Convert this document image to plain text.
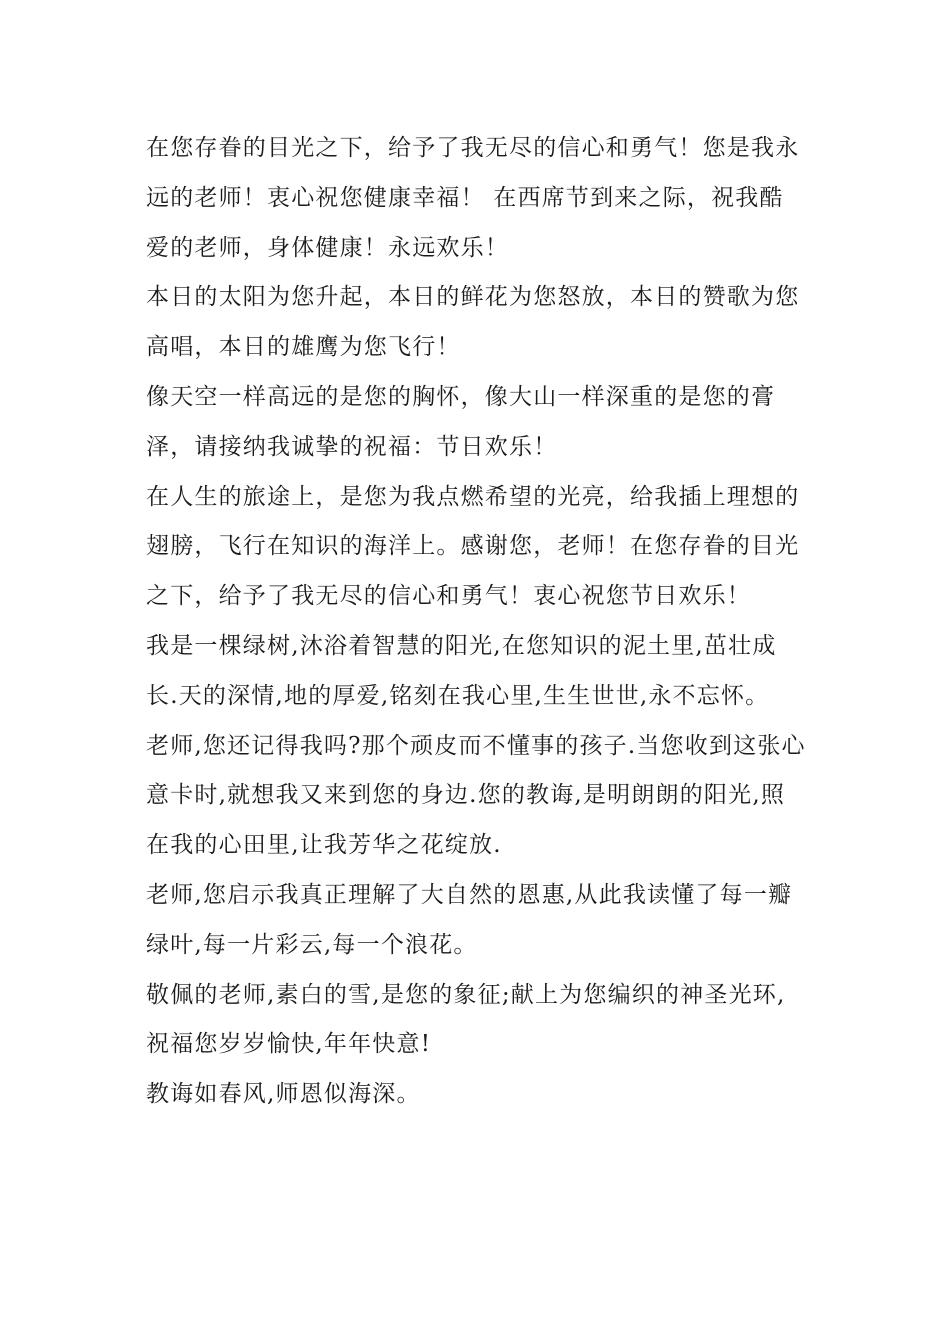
在您存眷的目光之下，给予了我无尽的信心和勇气！您是我永远的老师！衷心祝您健康幸福！ 在西席节到来之际，祝我酷爱的老师，身体健康！永远欢乐！

本日的太阳为您升起，本日的鲜花为您怒放，本日的赞歌为您高唱，本日的雄鹰为您飞行！

像天空一样高远的是您的胸怀，像大山一样深重的是您的膏泽，请接纳我诚挚的祝福：节日欢乐！

在人生的旅途上，是您为我点燃希望的光亮，给我插上理想的翅膀，飞行在知识的海洋上。感谢您，老师！在您存眷的目光之下，给予了我无尽的信心和勇气！衷心祝您节日欢乐！

我是一棵绿树,沐浴着智慧的阳光,在您知识的泥土里,茁壮成长.天的深情,地的厚爱,铭刻在我心里,生生世世,永不忘怀。

老师,您还记得我吗?那个顽皮而不懂事的孩子.当您收到这张心意卡时,就想我又来到您的身边.您的教诲,是明朗朗的阳光,照在我的心田里,让我芳华之花绽放.

老师,您启示我真正理解了大自然的恩惠,从此我读懂了每一瓣绿叶,每一片彩云,每一个浪花。

敬佩的老师,素白的雪,是您的象征;献上为您编织的神圣光环,祝福您岁岁愉快,年年快意!

教诲如春风,师恩似海深。
